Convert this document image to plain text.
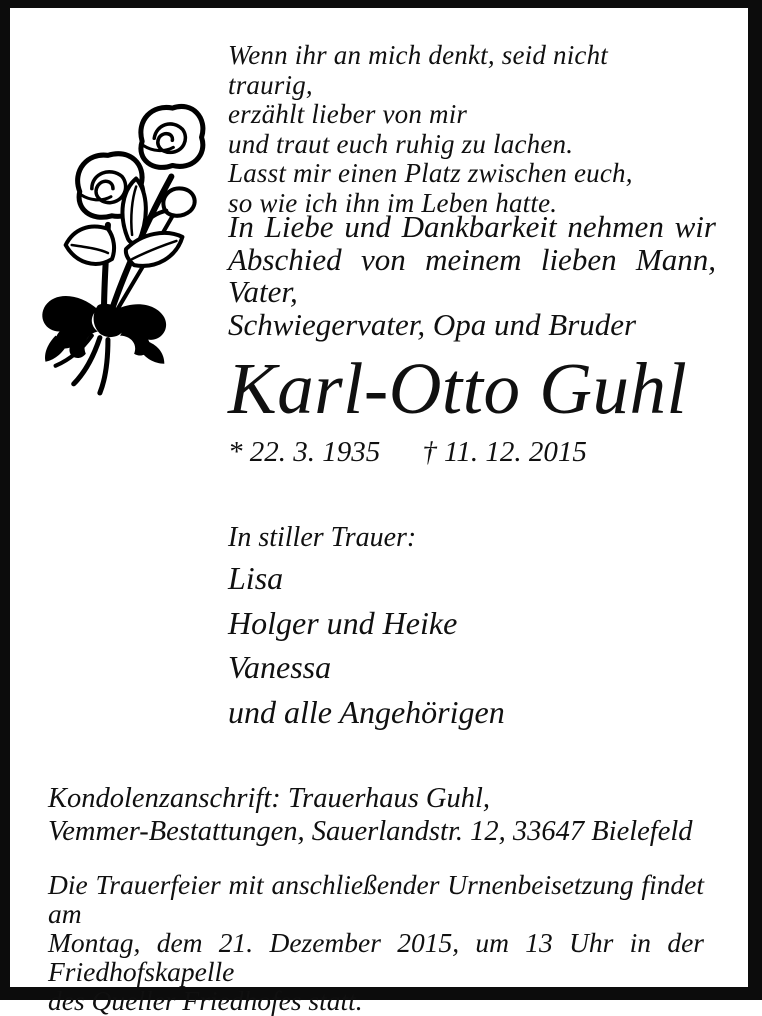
Wenn ihr an mich denkt, seid nicht traurig,
erzählt lieber von mir
und traut euch ruhig zu lachen.
Lasst mir einen Platz zwischen euch,
so wie ich ihn im Leben hatte.
In Liebe und Dankbarkeit nehmen wir
Abschied von meinem lieben Mann, Vater,
Schwiegervater, Opa und Bruder
Karl-Otto Guhl
* 22. 3. 1935 † 11. 12. 2015
In stiller Trauer:
Lisa
Holger und Heike
Vanessa
und alle Angehörigen
Kondolenzanschrift: Trauerhaus Guhl,
Vemmer-Bestattungen, Sauerlandstr. 12, 33647 Bielefeld
Die Trauerfeier mit anschließender Urnenbeisetzung findet am
Montag, dem 21. Dezember 2015, um 13 Uhr in der Friedhofskapelle
des Queller Friedhofes statt.
